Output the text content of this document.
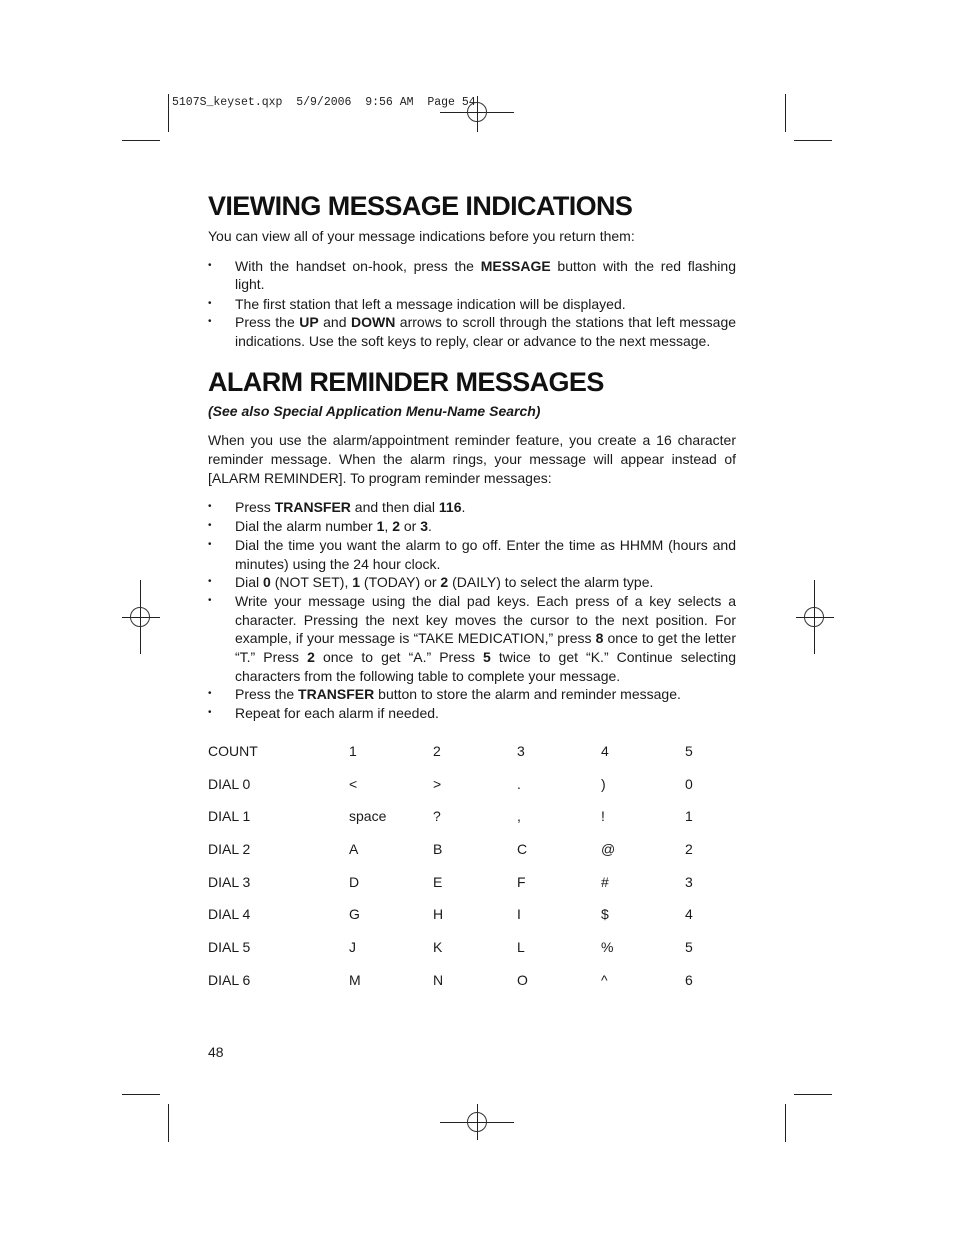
5107S_keyset.qxp  5/9/2006  9:56 AM  Page 54
VIEWING MESSAGE INDICATIONS

You can view all of your message indications before you return them:

• With the handset on-hook, press the MESSAGE button with the red flashing light.
• The first station that left a message indication will be displayed.
• Press the UP and DOWN arrows to scroll through the stations that left message indications. Use the soft keys to reply, clear or advance to the next message.
ALARM REMINDER MESSAGES

(See also Special Application Menu-Name Search)

When you use the alarm/appointment reminder feature, you create a 16 character reminder message. When the alarm rings, your message will appear instead of [ALARM REMINDER]. To program reminder messages:

• Press TRANSFER and then dial 116.
• Dial the alarm number 1, 2 or 3.
• Dial the time you want the alarm to go off. Enter the time as HHMM (hours and minutes) using the 24 hour clock.
• Dial 0 (NOT SET), 1 (TODAY) or 2 (DAILY) to select the alarm type.
• Write your message using the dial pad keys. Each press of a key selects a character. Pressing the next key moves the cursor to the next position. For example, if your message is “TAKE MEDICATION,” press 8 once to get the letter “T.” Press 2 once to get “A.” Press 5 twice to get “K.” Continue selecting characters from the following table to complete your message.
• Press the TRANSFER button to store the alarm and reminder message.
• Repeat for each alarm if needed.
COUNT	1	2	3	4	5
DIAL 0	<	>	.	)	0
DIAL 1	space	?	,	!	1
DIAL 2	A	B	C	@	2
DIAL 3	D	E	F	#	3
DIAL 4	G	H	I	$	4
DIAL 5	J	K	L	%	5
DIAL 6	M	N	O	^	6
48
